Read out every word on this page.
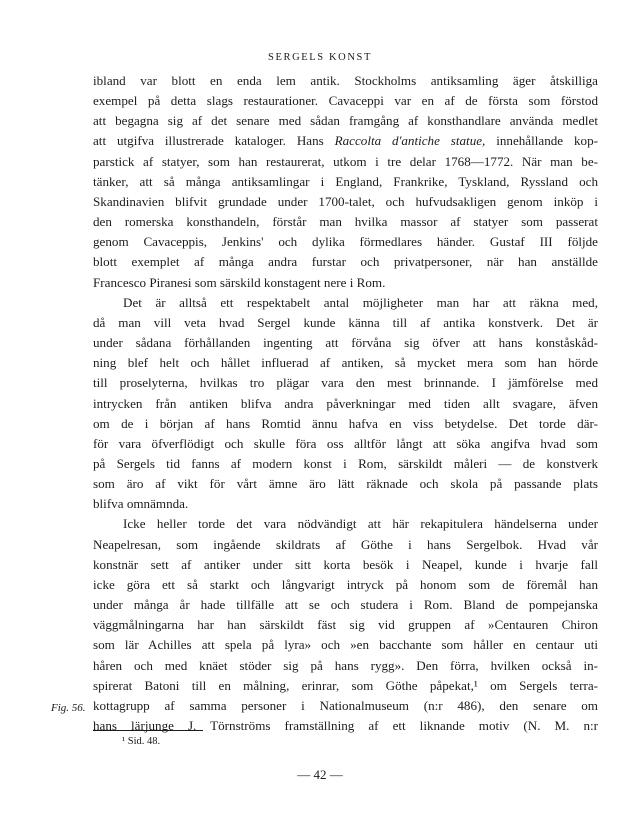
SERGELS KONST
ibland var blott en enda lem antik. Stockholms antiksamling äger åtskilliga
exempel på detta slags restaurationer. Cavaceppi var en af de första som förstod
att begagna sig af det senare med sådan framgång af konsthandlare använda medlet
att utgifva illustrerade kataloger. Hans Raccolta d'antiche statue, innehållande kop-
parstick af statyer, som han restaurerat, utkom i tre delar 1768—1772. När man be-
tänker, att så många antiksamlingar i England, Frankrike, Tyskland, Ryssland och
Skandinavien blifvit grundade under 1700-talet, och hufvudsakligen genom inköp i
den romerska konsthandeln, förstår man hvilka massor af statyer som passerat
genom Cavaceppis, Jenkins' och dylika förmedlares händer. Gustaf III följde
blott exemplet af många andra furstar och privatpersoner, när han anställde
Francesco Piranesi som särskild konstagent nere i Rom.
Det är alltså ett respektabelt antal möjligheter man har att räkna med,
då man vill veta hvad Sergel kunde känna till af antika konstverk. Det är
under sådana förhållanden ingenting att förvåna sig öfver att hans konståskåd-
ning blef helt och hållet influerad af antiken, så mycket mera som han hörde
till proselyterna, hvilkas tro plägar vara den mest brinnande. I jämförelse med
intrycken från antiken blifva andra påverkningar med tiden allt svagare, äfven
om de i början af hans Romtid ännu hafva en viss betydelse. Det torde där-
för vara öfverflödigt och skulle föra oss alltför långt att söka angifva hvad som
på Sergels tid fanns af modern konst i Rom, särskildt måleri — de konstverk
som äro af vikt för vårt ämne äro lätt räknade och skola på passande plats
blifva omnämnda.
Icke heller torde det vara nödvändigt att här rekapitulera händelserna under
Neapelresan, som ingående skildrats af Göthe i hans Sergelbok. Hvad vår
konstnär sett af antiker under sitt korta besök i Neapel, kunde i hvarje fall
icke göra ett så starkt och långvarigt intryck på honom som de föremål han
under många år hade tillfälle att se och studera i Rom. Bland de pompejanska
väggmålningarna har han särskildt fäst sig vid gruppen af »Centauren Chiron
som lär Achilles att spela på lyra» och »en bacchante som håller en centaur uti
håren och med knäet stöder sig på hans rygg». Den förra, hvilken också in-
spirerat Batoni till en målning, erinrar, som Göthe påpekat,¹ om Sergels terra-
kottagrupp af samma personer i Nationalmuseum (n:r 486), den senare om
hans lärjunge J. Törnströms framställning af ett liknande motiv (N. M. n:r
Fig. 56.
¹ Sid. 48.
— 42 —
